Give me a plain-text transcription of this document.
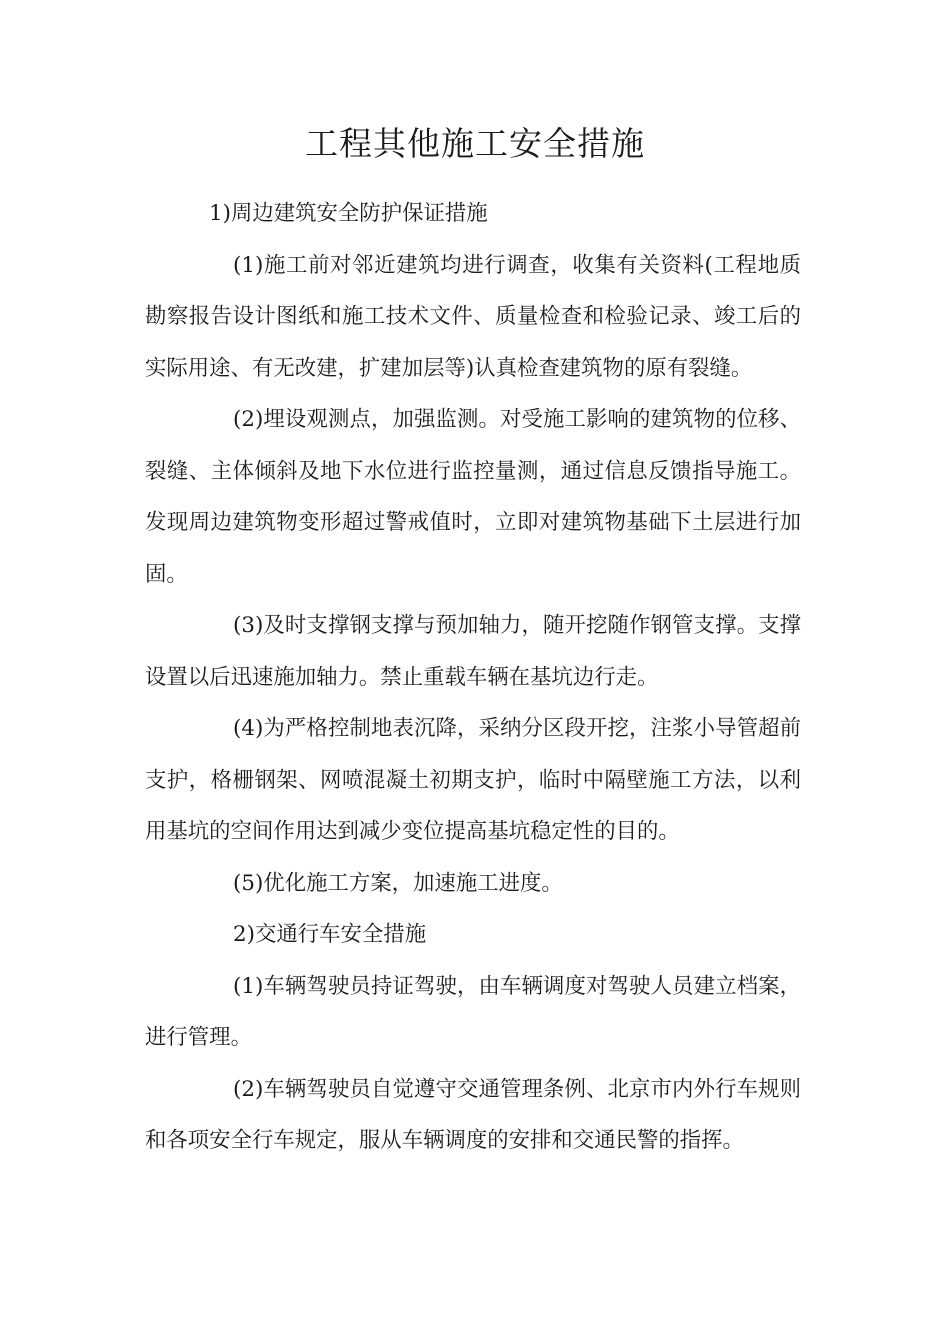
工程其他施工安全措施

1)周边建筑安全防护保证措施

(1)施工前对邻近建筑均进行调查，收集有关资料(工程地质勘察报告设计图纸和施工技术文件、质量检查和检验记录、竣工后的实际用途、有无改建，扩建加层等)认真检查建筑物的原有裂缝。

(2)埋设观测点，加强监测。对受施工影响的建筑物的位移、裂缝、主体倾斜及地下水位进行监控量测，通过信息反馈指导施工。发现周边建筑物变形超过警戒值时，立即对建筑物基础下土层进行加固。

(3)及时支撑钢支撑与预加轴力，随开挖随作钢管支撑。支撑设置以后迅速施加轴力。禁止重载车辆在基坑边行走。

(4)为严格控制地表沉降，采纳分区段开挖，注浆小导管超前支护，格栅钢架、网喷混凝土初期支护，临时中隔壁施工方法，以利用基坑的空间作用达到减少变位提高基坑稳定性的目的。

(5)优化施工方案，加速施工进度。

2)交通行车安全措施

(1)车辆驾驶员持证驾驶，由车辆调度对驾驶人员建立档案，进行管理。

(2)车辆驾驶员自觉遵守交通管理条例、北京市内外行车规则和各项安全行车规定，服从车辆调度的安排和交通民警的指挥。
